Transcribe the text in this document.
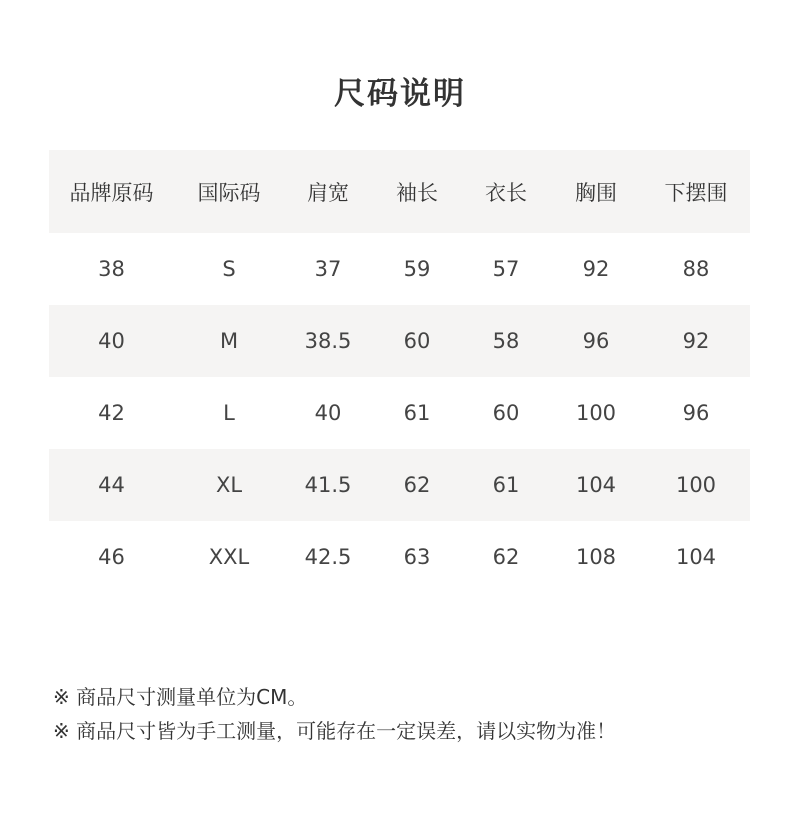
尺码说明
品牌原码	国际码	肩宽	袖长	衣长	胸围	下摆围
38	S	37	59	57	92	88
40	M	38.5	60	58	96	92
42	L	40	61	60	100	96
44	XL	41.5	62	61	104	100
46	XXL	42.5	63	62	108	104
※ 商品尺寸测量单位为CM。
※ 商品尺寸皆为手工测量，可能存在一定误差，请以实物为准！
